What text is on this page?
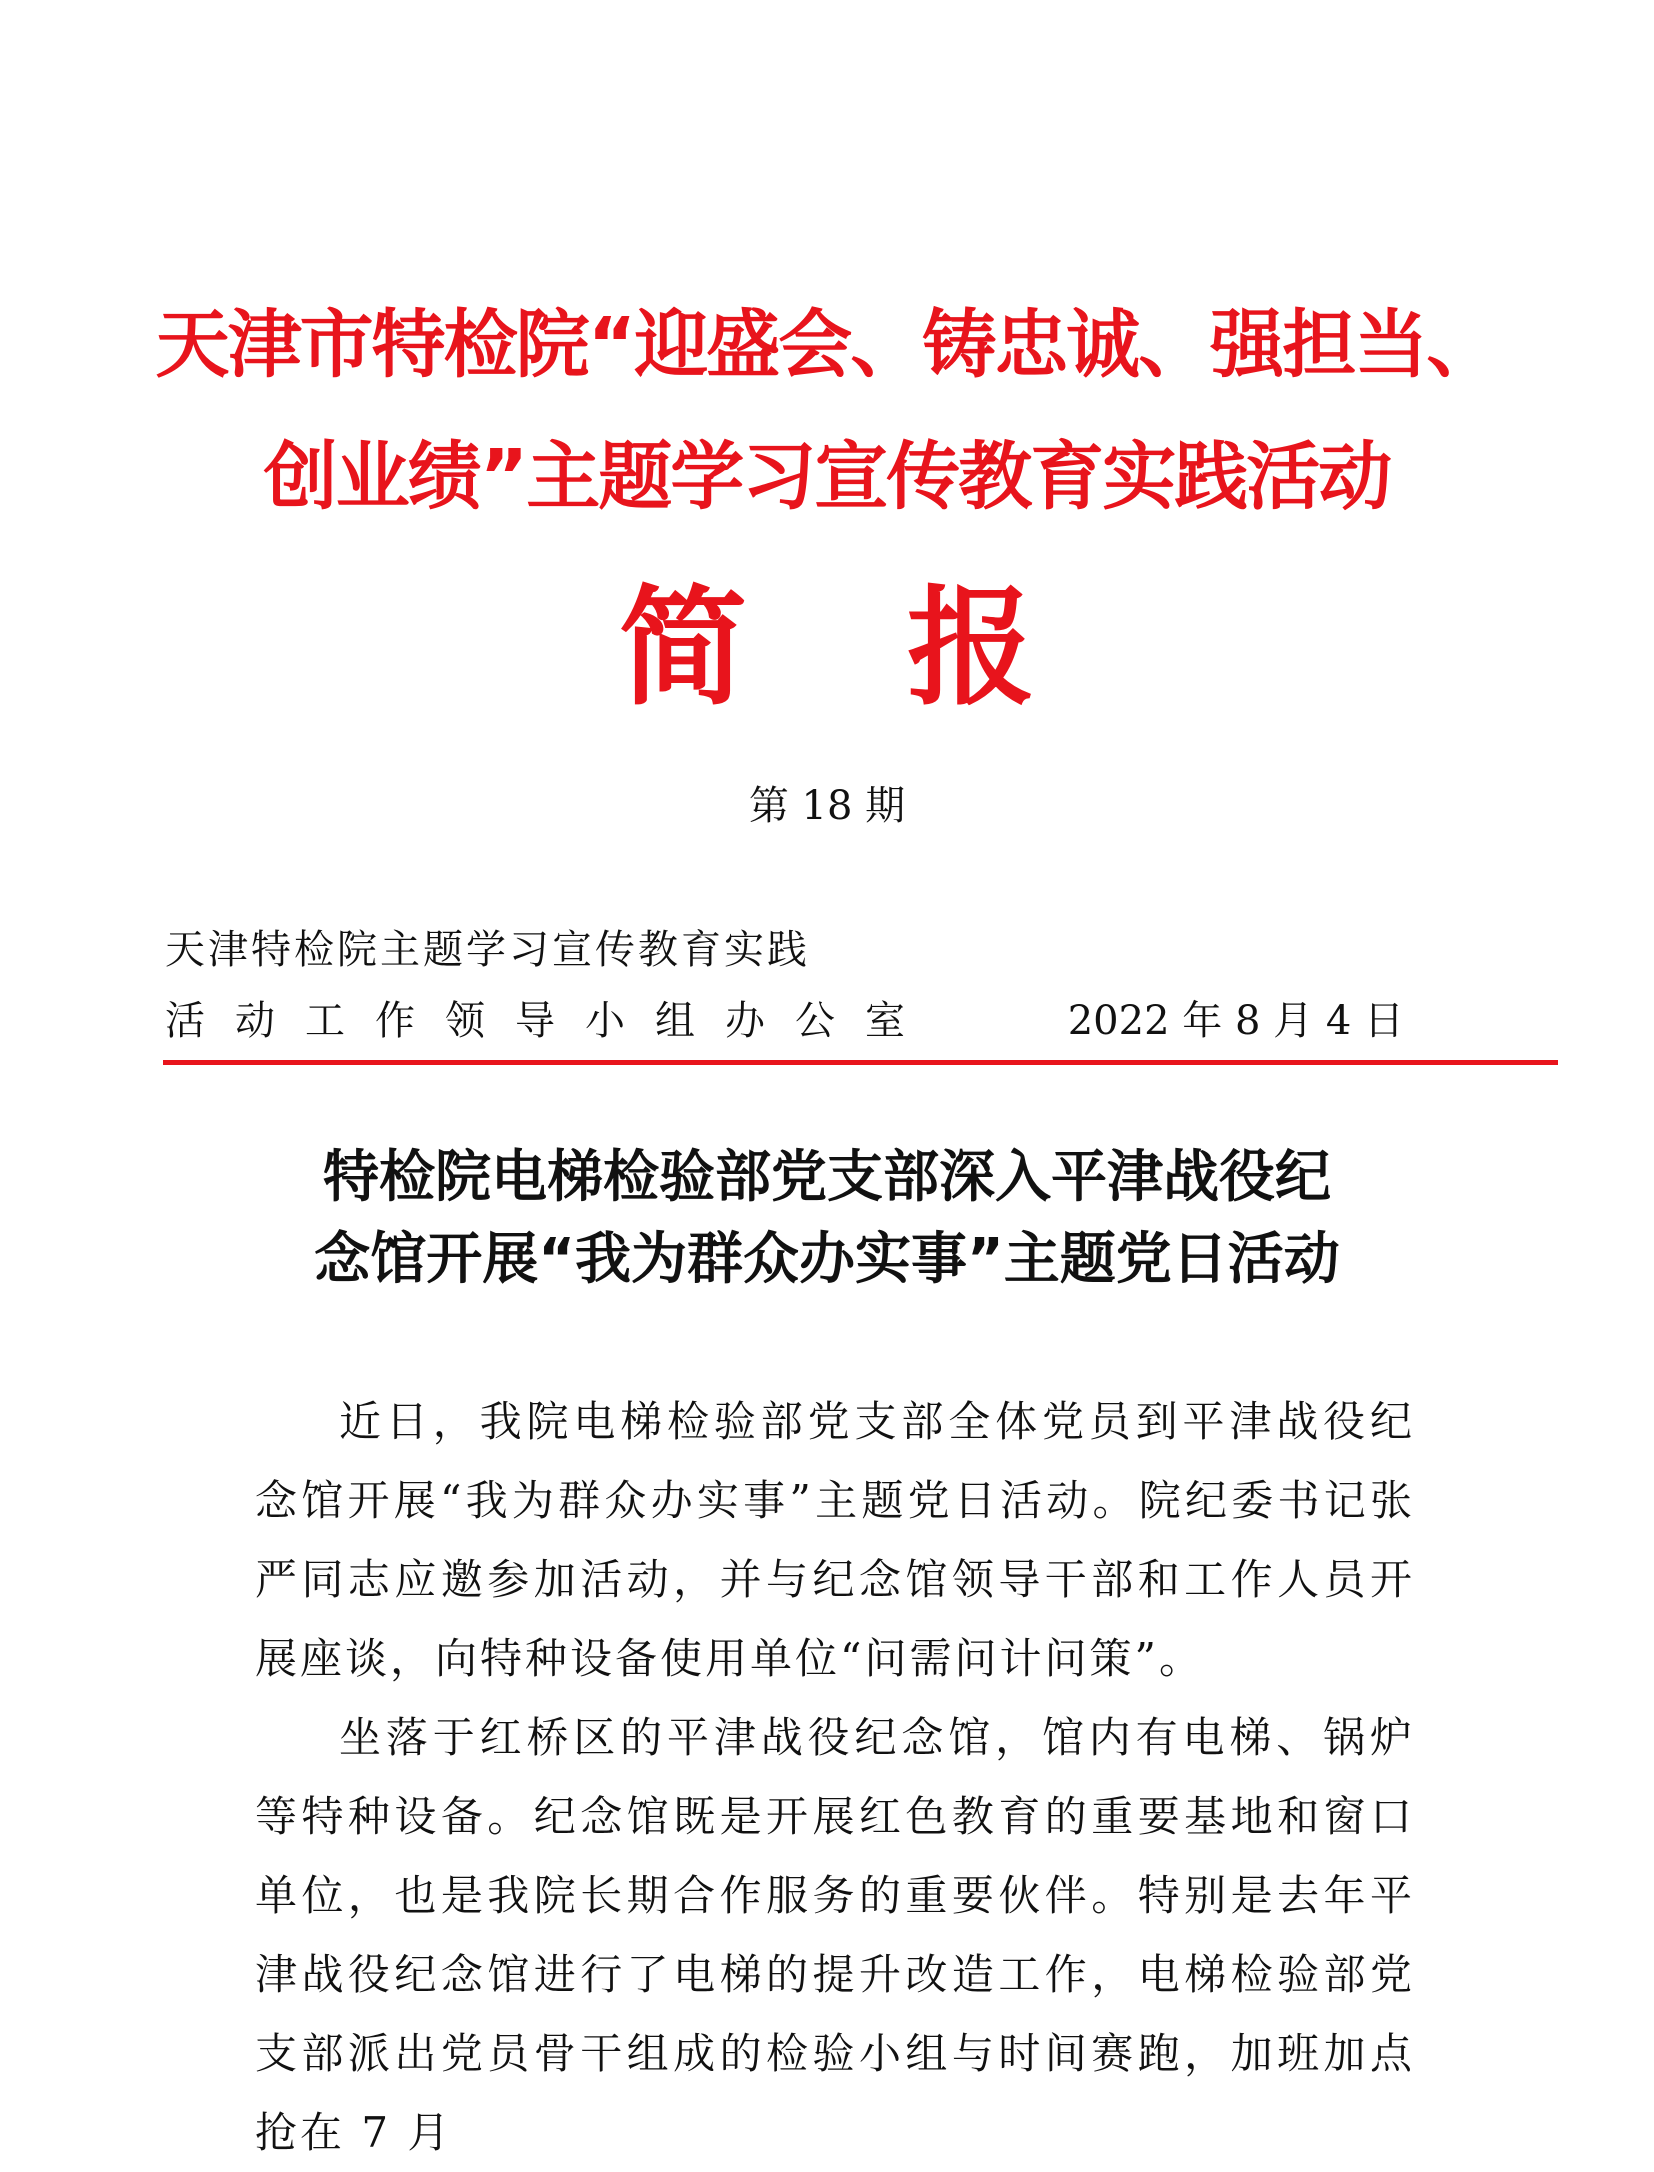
天津市特检院“迎盛会、铸忠诚、强担当、
创业绩”主题学习宣传教育实践活动
简 报
第 18 期
天津特检院主题学习宣传教育实践
活动工作领导小组办公室	2022 年 8 月 4 日
特检院电梯检验部党支部深入平津战役纪
念馆开展“我为群众办实事”主题党日活动

近日，我院电梯检验部党支部全体党员到平津战役纪念馆开展“我为群众办实事”主题党日活动。院纪委书记张严同志应邀参加活动，并与纪念馆领导干部和工作人员开展座谈，向特种设备使用单位“问需问计问策”。

坐落于红桥区的平津战役纪念馆，馆内有电梯、锅炉等特种设备。纪念馆既是开展红色教育的重要基地和窗口单位，也是我院长期合作服务的重要伙伴。特别是去年平津战役纪念馆进行了电梯的提升改造工作，电梯检验部党支部派出党员骨干组成的检验小组与时间赛跑，加班加点抢在 7 月
